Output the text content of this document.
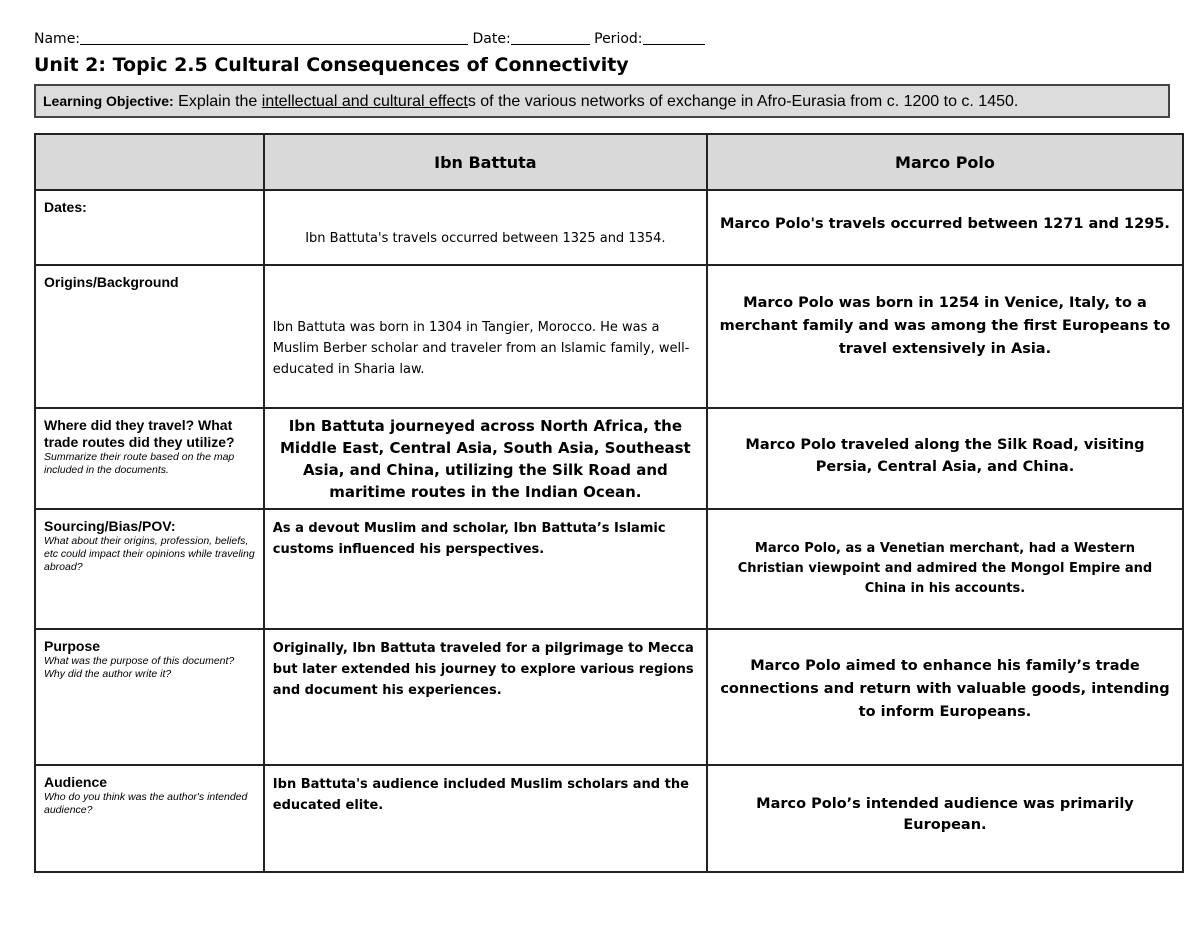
Name:	Date:	Period:
Unit 2: Topic 2.5 Cultural Consequences of Connectivity
Learning Objective: Explain the intellectual and cultural effects of the various networks of exchange in Afro-Eurasia from c. 1200 to c. 1450.
	Ibn Battuta	Marco Polo
Dates:	Ibn Battuta's travels occurred between 1325 and 1354.	Marco Polo's travels occurred between 1271 and 1295.
Origins/Background	Ibn Battuta was born in 1304 in Tangier, Morocco. He was a Muslim Berber scholar and traveler from an Islamic family, well-educated in Sharia law.	Marco Polo was born in 1254 in Venice, Italy, to a merchant family and was among the first Europeans to travel extensively in Asia.
Where did they travel? What trade routes did they utilize?
Summarize their route based on the map included in the documents.	Ibn Battuta journeyed across North Africa, the Middle East, Central Asia, South Asia, Southeast Asia, and China, utilizing the Silk Road and maritime routes in the Indian Ocean.	Marco Polo traveled along the Silk Road, visiting Persia, Central Asia, and China.
Sourcing/Bias/POV:
What about their origins, profession, beliefs, etc could impact their opinions while traveling abroad?	As a devout Muslim and scholar, Ibn Battuta’s Islamic customs influenced his perspectives.	Marco Polo, as a Venetian merchant, had a Western Christian viewpoint and admired the Mongol Empire and China in his accounts.
Purpose
What was the purpose of this document? Why did the author write it?	Originally, Ibn Battuta traveled for a pilgrimage to Mecca but later extended his journey to explore various regions and document his experiences.	Marco Polo aimed to enhance his family’s trade connections and return with valuable goods, intending to inform Europeans.
Audience
Who do you think was the author's intended audience?	Ibn Battuta's audience included Muslim scholars and the educated elite.	Marco Polo’s intended audience was primarily European.
